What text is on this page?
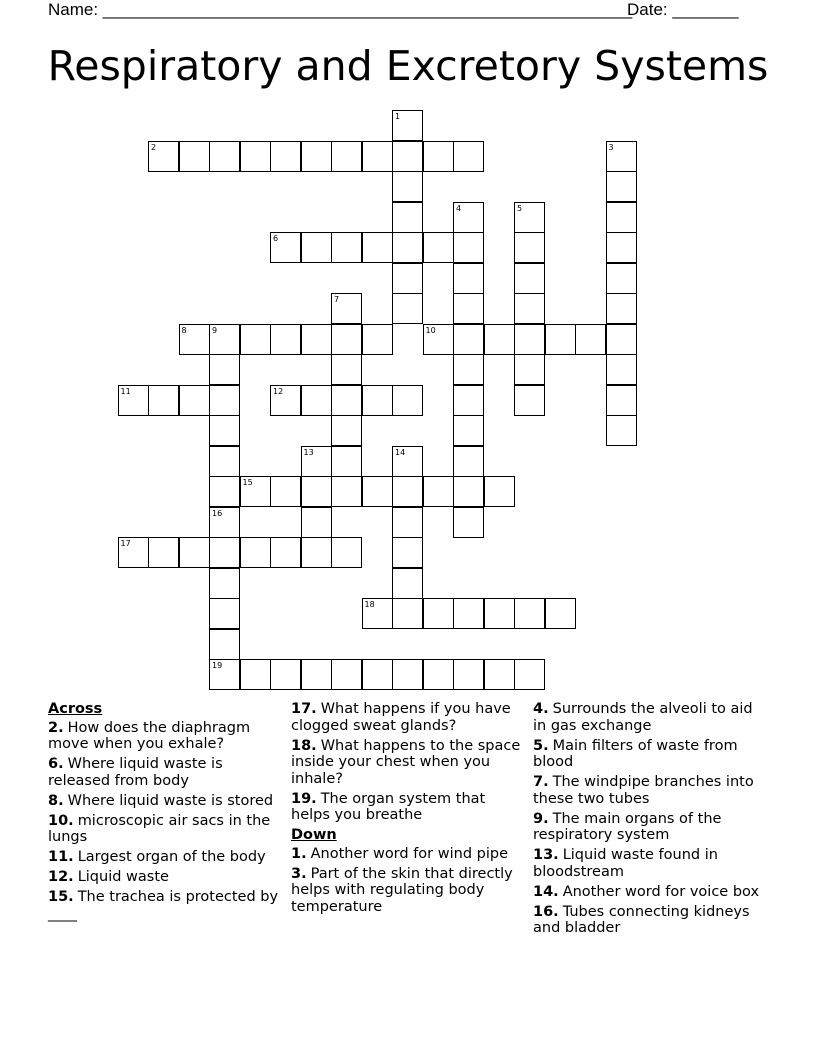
Name: ________________________________________________________
Date: _______
Respiratory and Excretory Systems
1
2	3
4	5
6
7
8	9	10
11	12
13	14
15
16
19
17
18
Across
2. How does the diaphragm move when you exhale?
6. Where liquid waste is released from body
8. Where liquid waste is stored
10. microscopic air sacs in the lungs
11. Largest organ of the body
12. Liquid waste
15. The trachea is protected by ____
17. What happens if you have clogged sweat glands?
18. What happens to the space inside your chest when you inhale?
19. The organ system that helps you breathe
Down
1. Another word for wind pipe
3. Part of the skin that directly helps with regulating body temperature
4. Surrounds the alveoli to aid in gas exchange
5. Main filters of waste from blood
7. The windpipe branches into these two tubes
9. The main organs of the respiratory system
13. Liquid waste found in bloodstream
14. Another word for voice box
16. Tubes connecting kidneys and bladder
